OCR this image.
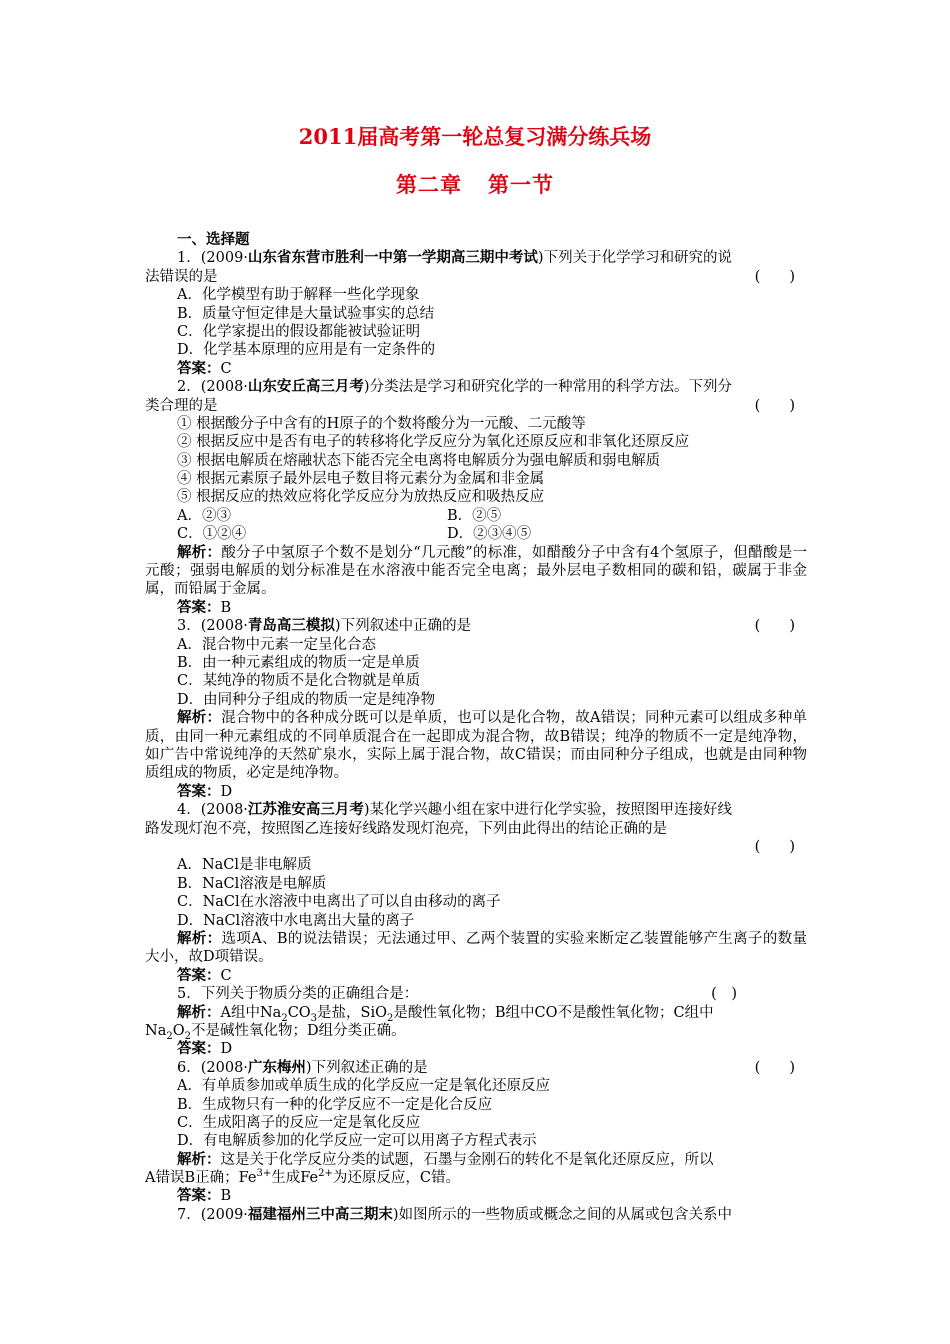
2011届高考第一轮总复习满分练兵场
第二章 第一节
一、选择题
1．(2009·山东省东营市胜利一中第一学期高三期中考试)下列关于化学学习和研究的说
法错误的是	(　　)
A．化学模型有助于解释一些化学现象
B．质量守恒定律是大量试验事实的总结
C．化学家提出的假设都能被试验证明
D．化学基本原理的应用是有一定条件的
答案：C
2．(2008·山东安丘高三月考)分类法是学习和研究化学的一种常用的科学方法。下列分
类合理的是	(　　)
① 根据酸分子中含有的H原子的个数将酸分为一元酸、二元酸等
② 根据反应中是否有电子的转移将化学反应分为氧化还原反应和非氧化还原反应
③ 根据电解质在熔融状态下能否完全电离将电解质分为强电解质和弱电解质
④ 根据元素原子最外层电子数目将元素分为金属和非金属
⑤ 根据反应的热效应将化学反应分为放热反应和吸热反应
A．②③	B．②⑤
C．①②④	D．②③④⑤
解析：酸分子中氢原子个数不是划分“几元酸”的标准，如醋酸分子中含有4个氢原子，但醋酸是一元酸；强弱电解质的划分标准是在水溶液中能否完全电离；最外层电子数相同的碳和铅，碳属于非金属，而铅属于金属。
答案：B
3．(2008·青岛高三模拟)下列叙述中正确的是	(　　)
A．混合物中元素一定呈化合态
B．由一种元素组成的物质一定是单质
C．某纯净的物质不是化合物就是单质
D．由同种分子组成的物质一定是纯净物
解析：混合物中的各种成分既可以是单质，也可以是化合物，故A错误；同种元素可以组成多种单质，由同一种元素组成的不同单质混合在一起即成为混合物，故B错误；纯净的物质不一定是纯净物，如广告中常说纯净的天然矿泉水，实际上属于混合物，故C错误；而由同种分子组成，也就是由同种物质组成的物质，必定是纯净物。
答案：D
4．(2008·江苏淮安高三月考)某化学兴趣小组在家中进行化学实验，按照图甲连接好线
路发现灯泡不亮，按照图乙连接好线路发现灯泡亮，下列由此得出的结论正确的是
(　　)
A．NaCl是非电解质
B．NaCl溶液是电解质
C．NaCl在水溶液中电离出了可以自由移动的离子
D．NaCl溶液中水电离出大量的离子
解析：选项A、B的说法错误；无法通过甲、乙两个装置的实验来断定乙装置能够产生离子的数量大小，故D项错误。
答案：C
5．下列关于物质分类的正确组合是：	(　)
解析：A组中$Na_2CO_3$是盐，SiO$_2$是酸性氧化物；B组中CO不是酸性氧化物；C组中
$Na_2O_2$不是碱性氧化物；D组分类正确。
答案：D
6．(2008·广东梅州)下列叙述正确的是	(　　)
A．有单质参加或单质生成的化学反应一定是氧化还原反应
B．生成物只有一种的化学反应不一定是化合反应
C．生成阳离子的反应一定是氧化反应
D．有电解质参加的化学反应一定可以用离子方程式表示
解析：这是关于化学反应分类的试题，石墨与金刚石的转化不是氧化还原反应，所以
A错误B正确；$Fe^{3+}$生成$Fe^{2+}$为还原反应，C错。
答案：B
7．(2009·福建福州三中高三期末)如图所示的一些物质或概念之间的从属或包含关系中
